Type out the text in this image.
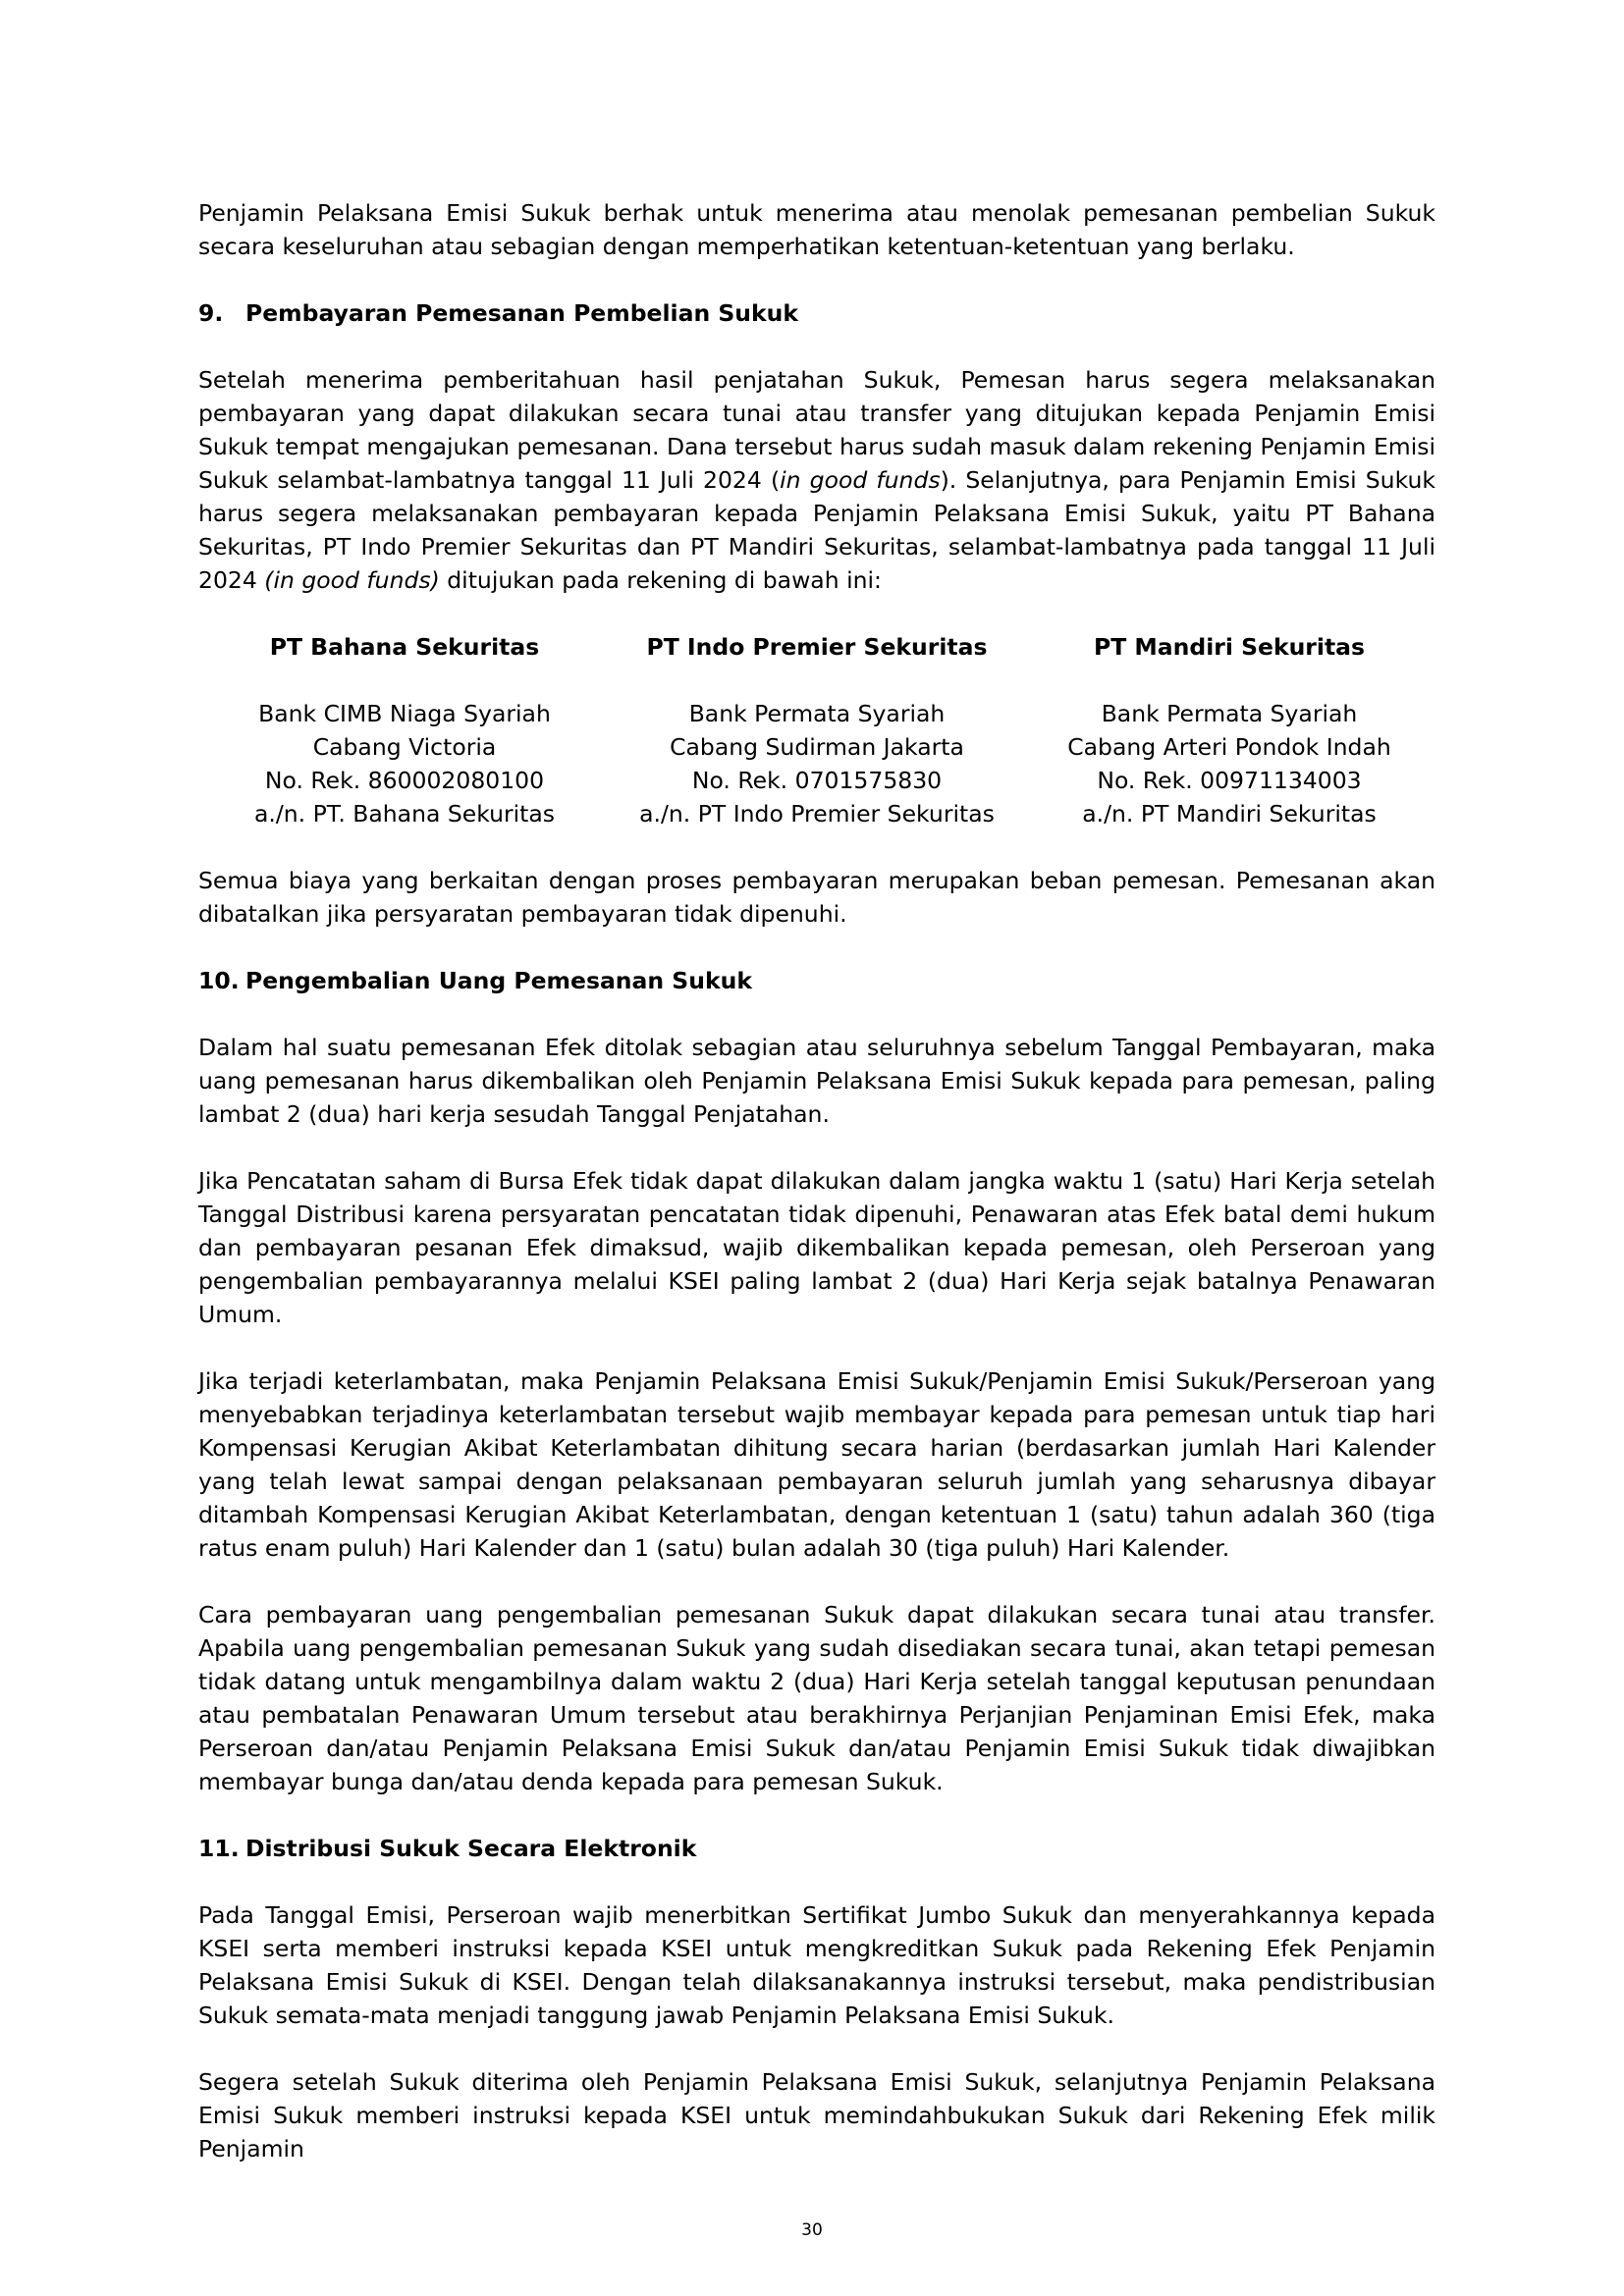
Penjamin Pelaksana Emisi Sukuk berhak untuk menerima atau menolak pemesanan pembelian Sukuk secara keseluruhan atau sebagian dengan memperhatikan ketentuan-ketentuan yang berlaku.

9. Pembayaran Pemesanan Pembelian Sukuk

Setelah menerima pemberitahuan hasil penjatahan Sukuk, Pemesan harus segera melaksanakan pembayaran yang dapat dilakukan secara tunai atau transfer yang ditujukan kepada Penjamin Emisi Sukuk tempat mengajukan pemesanan. Dana tersebut harus sudah masuk dalam rekening Penjamin Emisi Sukuk selambat-lambatnya tanggal 11 Juli 2024 (in good funds). Selanjutnya, para Penjamin Emisi Sukuk harus segera melaksanakan pembayaran kepada Penjamin Pelaksana Emisi Sukuk, yaitu PT Bahana Sekuritas, PT Indo Premier Sekuritas dan PT Mandiri Sekuritas, selambat-lambatnya pada tanggal 11 Juli 2024 (in good funds) ditujukan pada rekening di bawah ini:

PT Bahana Sekuritas
Bank CIMB Niaga Syariah
Cabang Victoria
No. Rek. 860002080100
a./n. PT. Bahana Sekuritas
PT Indo Premier Sekuritas
Bank Permata Syariah
Cabang Sudirman Jakarta
No. Rek. 0701575830
a./n. PT Indo Premier Sekuritas
PT Mandiri Sekuritas
Bank Permata Syariah
Cabang Arteri Pondok Indah
No. Rek. 00971134003
a./n. PT Mandiri Sekuritas

Semua biaya yang berkaitan dengan proses pembayaran merupakan beban pemesan. Pemesanan akan dibatalkan jika persyaratan pembayaran tidak dipenuhi.

10. Pengembalian Uang Pemesanan Sukuk

Dalam hal suatu pemesanan Efek ditolak sebagian atau seluruhnya sebelum Tanggal Pembayaran, maka uang pemesanan harus dikembalikan oleh Penjamin Pelaksana Emisi Sukuk kepada para pemesan, paling lambat 2 (dua) hari kerja sesudah Tanggal Penjatahan.

Jika Pencatatan saham di Bursa Efek tidak dapat dilakukan dalam jangka waktu 1 (satu) Hari Kerja setelah Tanggal Distribusi karena persyaratan pencatatan tidak dipenuhi, Penawaran atas Efek batal demi hukum dan pembayaran pesanan Efek dimaksud, wajib dikembalikan kepada pemesan, oleh Perseroan yang pengembalian pembayarannya melalui KSEI paling lambat 2 (dua) Hari Kerja sejak batalnya Penawaran Umum.

Jika terjadi keterlambatan, maka Penjamin Pelaksana Emisi Sukuk/Penjamin Emisi Sukuk/Perseroan yang menyebabkan terjadinya keterlambatan tersebut wajib membayar kepada para pemesan untuk tiap hari Kompensasi Kerugian Akibat Keterlambatan dihitung secara harian (berdasarkan jumlah Hari Kalender yang telah lewat sampai dengan pelaksanaan pembayaran seluruh jumlah yang seharusnya dibayar ditambah Kompensasi Kerugian Akibat Keterlambatan, dengan ketentuan 1 (satu) tahun adalah 360 (tiga ratus enam puluh) Hari Kalender dan 1 (satu) bulan adalah 30 (tiga puluh) Hari Kalender.

Cara pembayaran uang pengembalian pemesanan Sukuk dapat dilakukan secara tunai atau transfer. Apabila uang pengembalian pemesanan Sukuk yang sudah disediakan secara tunai, akan tetapi pemesan tidak datang untuk mengambilnya dalam waktu 2 (dua) Hari Kerja setelah tanggal keputusan penundaan atau pembatalan Penawaran Umum tersebut atau berakhirnya Perjanjian Penjaminan Emisi Efek, maka Perseroan dan/atau Penjamin Pelaksana Emisi Sukuk dan/atau Penjamin Emisi Sukuk tidak diwajibkan membayar bunga dan/atau denda kepada para pemesan Sukuk.

11. Distribusi Sukuk Secara Elektronik

Pada Tanggal Emisi, Perseroan wajib menerbitkan Sertifikat Jumbo Sukuk dan menyerahkannya kepada KSEI serta memberi instruksi kepada KSEI untuk mengkreditkan Sukuk pada Rekening Efek Penjamin Pelaksana Emisi Sukuk di KSEI. Dengan telah dilaksanakannya instruksi tersebut, maka pendistribusian Sukuk semata-mata menjadi tanggung jawab Penjamin Pelaksana Emisi Sukuk.

Segera setelah Sukuk diterima oleh Penjamin Pelaksana Emisi Sukuk, selanjutnya Penjamin Pelaksana Emisi Sukuk memberi instruksi kepada KSEI untuk memindahbukukan Sukuk dari Rekening Efek milik Penjamin

30
